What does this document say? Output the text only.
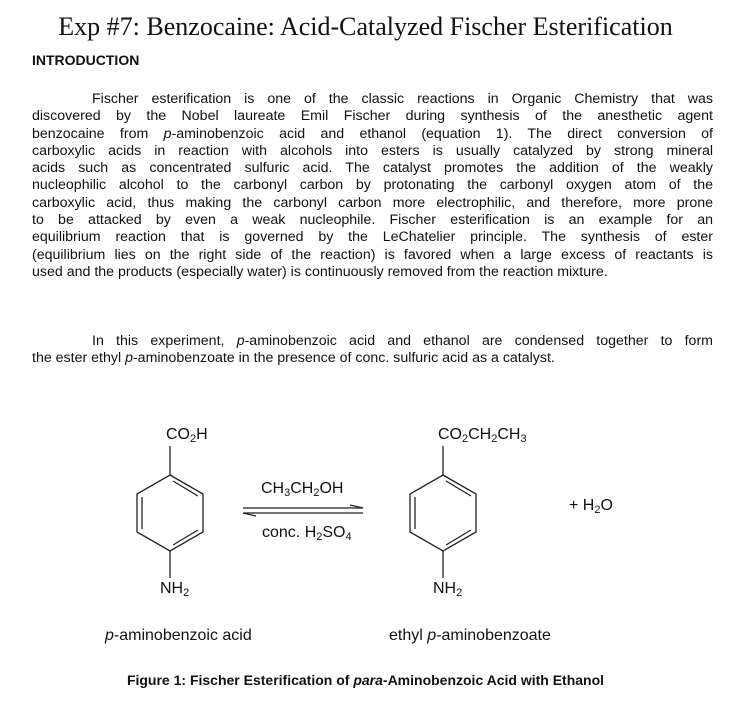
Exp #7: Benzocaine: Acid-Catalyzed Fischer Esterification
INTRODUCTION
Fischer esterification is one of the classic reactions in Organic Chemistry that was
discovered by the Nobel laureate Emil Fischer during synthesis of the anesthetic agent
benzocaine from p-aminobenzoic acid and ethanol (equation 1). The direct conversion of
carboxylic acids in reaction with alcohols into esters is usually catalyzed by strong mineral
acids such as concentrated sulfuric acid. The catalyst promotes the addition of the weakly
nucleophilic alcohol to the carbonyl carbon by protonating the carbonyl oxygen atom of the
carboxylic acid, thus making the carbonyl carbon more electrophilic, and therefore, more prone
to be attacked by even a weak nucleophile. Fischer esterification is an example for an
equilibrium reaction that is governed by the LeChatelier principle. The synthesis of ester
(equilibrium lies on the right side of the reaction) is favored when a large excess of reactants is
used and the products (especially water) is continuously removed from the reaction mixture.
In this experiment, p-aminobenzoic acid and ethanol are condensed together to form
the ester ethyl p-aminobenzoate in the presence of conc. sulfuric acid as a catalyst.
$CO_2H$
$NH_2$
$CH_3CH_2OH$
conc. $H_2SO_4$
$CO_2CH_2CH_3$
$NH_2$
+ $H_2O$
p-aminobenzoic acid	ethyl p-aminobenzoate
Figure 1: Fischer Esterification of para-Aminobenzoic Acid with Ethanol
